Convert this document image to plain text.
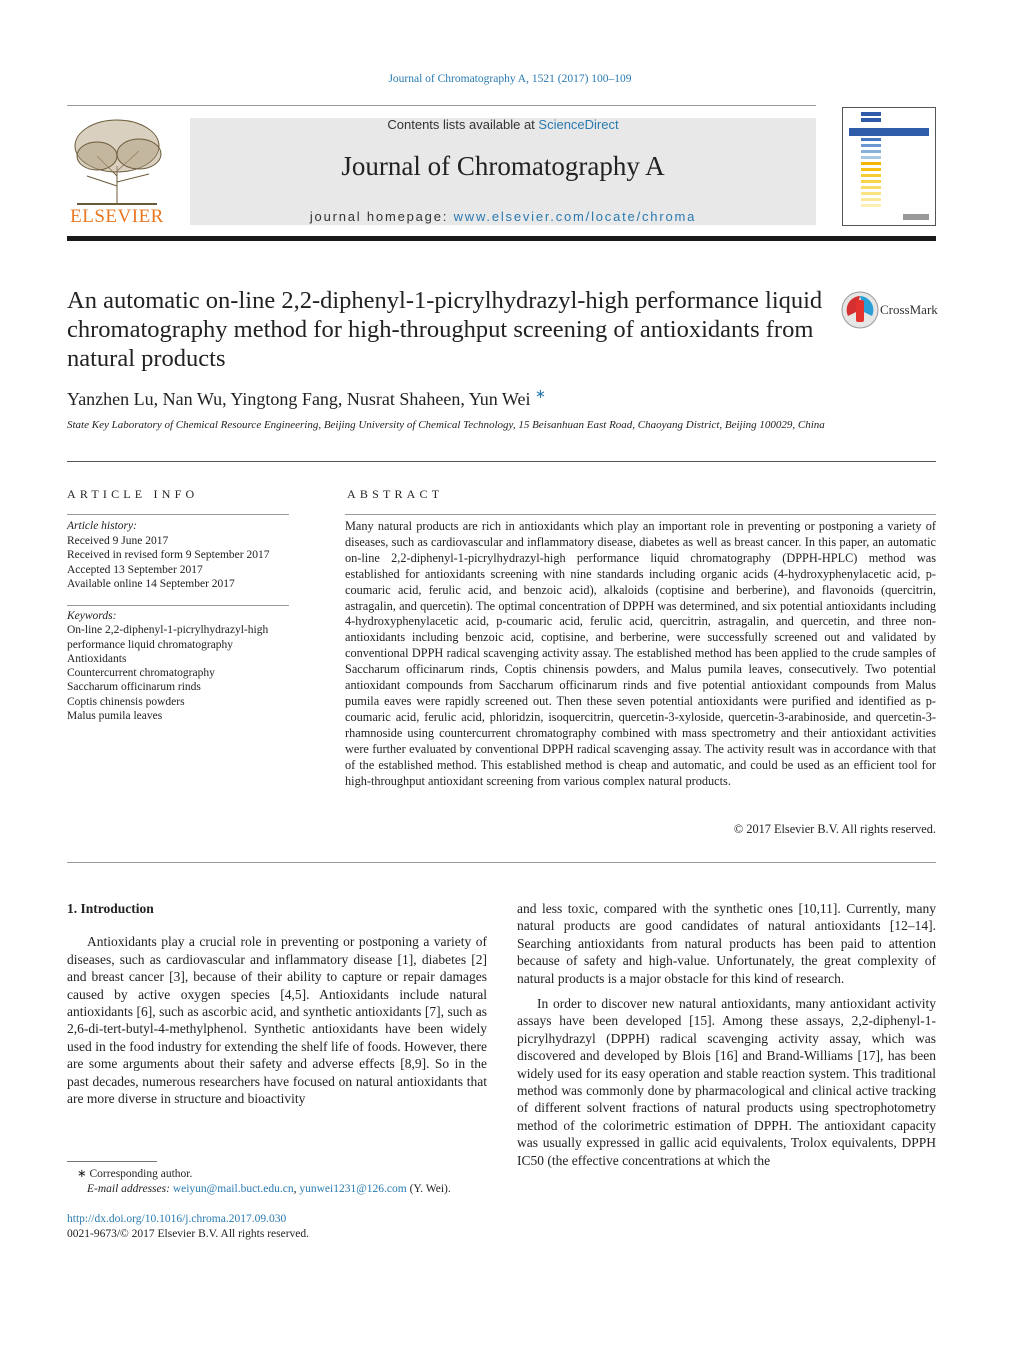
Journal of Chromatography A, 1521 (2017) 100–109
ELSEVIER
Contents lists available at ScienceDirect
Journal of Chromatography A
journal homepage: www.elsevier.com/locate/chroma
An automatic on-line 2,2-diphenyl-1-picrylhydrazyl-high performance liquid chromatography method for high-throughput screening of antioxidants from natural products
CrossMark
Yanzhen Lu, Nan Wu, Yingtong Fang, Nusrat Shaheen, Yun Wei ∗
State Key Laboratory of Chemical Resource Engineering, Beijing University of Chemical Technology, 15 Beisanhuan East Road, Chaoyang District, Beijing 100029, China
ARTICLE INFO	ABSTRACT
Article history:
Received 9 June 2017
Received in revised form 9 September 2017
Accepted 13 September 2017
Available online 14 September 2017
Keywords:
On-line 2,2-diphenyl-1-picrylhydrazyl-high performance liquid chromatography
Antioxidants
Countercurrent chromatography
Saccharum officinarum rinds
Coptis chinensis powders
Malus pumila leaves
Many natural products are rich in antioxidants which play an important role in preventing or postponing a variety of diseases, such as cardiovascular and inflammatory disease, diabetes as well as breast cancer. In this paper, an automatic on-line 2,2-diphenyl-1-picrylhydrazyl-high performance liquid chromatography (DPPH-HPLC) method was established for antioxidants screening with nine standards including organic acids (4-hydroxyphenylacetic acid, p-coumaric acid, ferulic acid, and benzoic acid), alkaloids (coptisine and berberine), and flavonoids (quercitrin, astragalin, and quercetin). The optimal concentration of DPPH was determined, and six potential antioxidants including 4-hydroxyphenylacetic acid, p-coumaric acid, ferulic acid, quercitrin, astragalin, and quercetin, and three non-antioxidants including benzoic acid, coptisine, and berberine, were successfully screened out and validated by conventional DPPH radical scavenging activity assay. The established method has been applied to the crude samples of Saccharum officinarum rinds, Coptis chinensis powders, and Malus pumila leaves, consecutively. Two potential antioxidant compounds from Saccharum officinarum rinds and five potential antioxidant compounds from Malus pumila eaves were rapidly screened out. Then these seven potential antioxidants were purified and identified as p-coumaric acid, ferulic acid, phloridzin, isoquercitrin, quercetin-3-xyloside, quercetin-3-arabinoside, and quercetin-3-rhamnoside using countercurrent chromatography combined with mass spectrometry and their antioxidant activities were further evaluated by conventional DPPH radical scavenging assay. The activity result was in accordance with that of the established method. This established method is cheap and automatic, and could be used as an efficient tool for high-throughput antioxidant screening from various complex natural products.
© 2017 Elsevier B.V. All rights reserved.
1. Introduction
Antioxidants play a crucial role in preventing or postponing a variety of diseases, such as cardiovascular and inflammatory disease [1], diabetes [2] and breast cancer [3], because of their ability to capture or repair damages caused by active oxygen species [4,5]. Antioxidants include natural antioxidants [6], such as ascorbic acid, and synthetic antioxidants [7], such as 2,6-di-tert-butyl-4-methylphenol. Synthetic antioxidants have been widely used in the food industry for extending the shelf life of foods. However, there are some arguments about their safety and adverse effects [8,9]. So in the past decades, numerous researchers have focused on natural antioxidants that are more diverse in structure and bioactivity
and less toxic, compared with the synthetic ones [10,11]. Currently, many natural products are good candidates of natural antioxidants [12–14]. Searching antioxidants from natural products has been paid to attention because of safety and high-value. Unfortunately, the great complexity of natural products is a major obstacle for this kind of research.
In order to discover new natural antioxidants, many antioxidant activity assays have been developed [15]. Among these assays, 2,2-diphenyl-1-picrylhydrazyl (DPPH) radical scavenging activity assay, which was discovered and developed by Blois [16] and Brand-Williams [17], has been widely used for its easy operation and stable reaction system. This traditional method was commonly done by pharmacological and clinical active tracking of different solvent fractions of natural products using spectrophotometry method of the colorimetric estimation of DPPH. The antioxidant capacity was usually expressed in gallic acid equivalents, Trolox equivalents, DPPH IC50 (the effective concentrations at which the
∗ Corresponding author.
E-mail addresses: weiyun@mail.buct.edu.cn, yunwei1231@126.com (Y. Wei).
http://dx.doi.org/10.1016/j.chroma.2017.09.030
0021-9673/© 2017 Elsevier B.V. All rights reserved.
